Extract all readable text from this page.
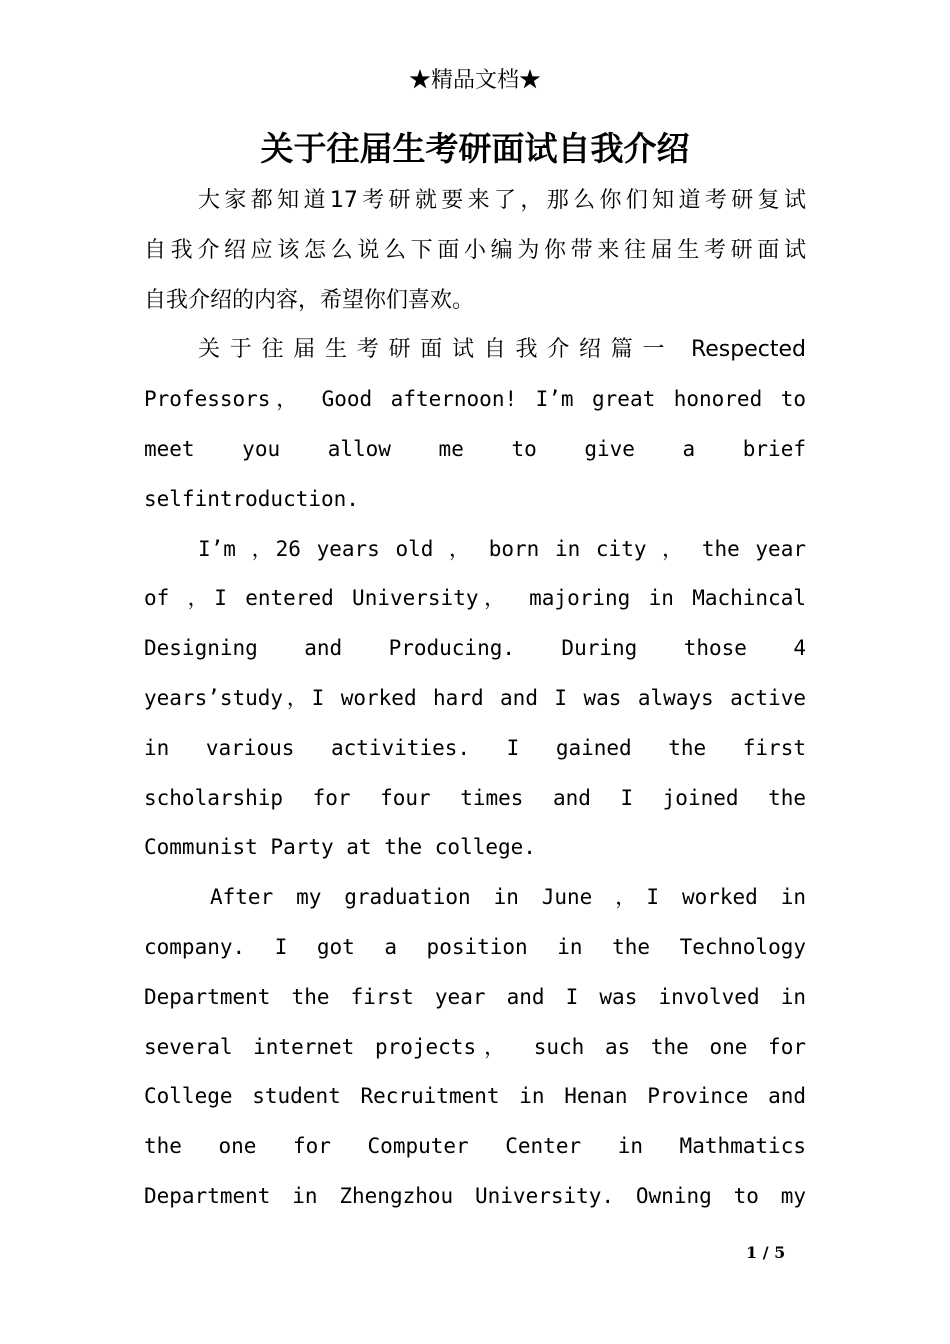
★精品文档★
关于往届生考研面试自我介绍
大家都知道17考研就要来了，那么你们知道考研复试
自我介绍应该怎么说么下面小编为你带来往届生考研面试
自我介绍的内容，希望你们喜欢。
关于往届生考研面试自我介绍篇一 Respected
Professors， Good afternoon! I’m great honored to
meet you allow me to give a brief
selfintroduction.
I’m ，26 years old ， born in city ， the year
of ，I entered University， majoring in Machincal
Designing and Producing. During those 4
years’study，I worked hard and I was always active
in various activities. I gained the first
scholarship for four times and I joined the
Communist Party at the college.
After my graduation in June ，I worked in
company. I got a position in the Technology
Department the first year and I was involved in
several internet projects， such as the one for
College student Recruitment in Henan Province and
the one for Computer Center in Mathmatics
Department in Zhengzhou University. Owning to my
1 / 5
